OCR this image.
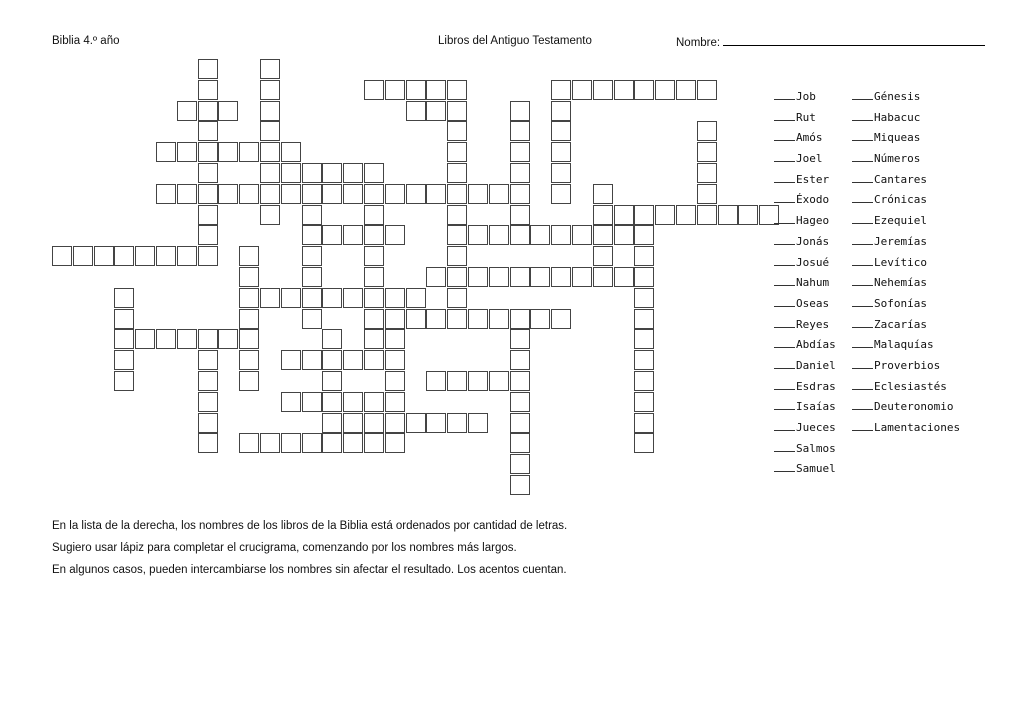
Biblia 4.º año	Libros del Antiguo Testamento	Nombre:
Job
Rut
Amós
Joel
Ester
Éxodo
Hageo
Jonás
Josué
Nahum
Oseas
Reyes
Abdías
Daniel
Esdras
Isaías
Jueces
Salmos
Samuel
Génesis
Habacuc
Miqueas
Números
Cantares
Crónicas
Ezequiel
Jeremías
Levítico
Nehemías
Sofonías
Zacarías
Malaquías
Proverbios
Eclesiastés
Deuteronomio
Lamentaciones
En la lista de la derecha, los nombres de los libros de la Biblia está ordenados por cantidad de letras.
Sugiero usar lápiz para completar el crucigrama, comenzando por los nombres más largos.
En algunos casos, pueden intercambiarse los nombres sin afectar el resultado. Los acentos cuentan.
